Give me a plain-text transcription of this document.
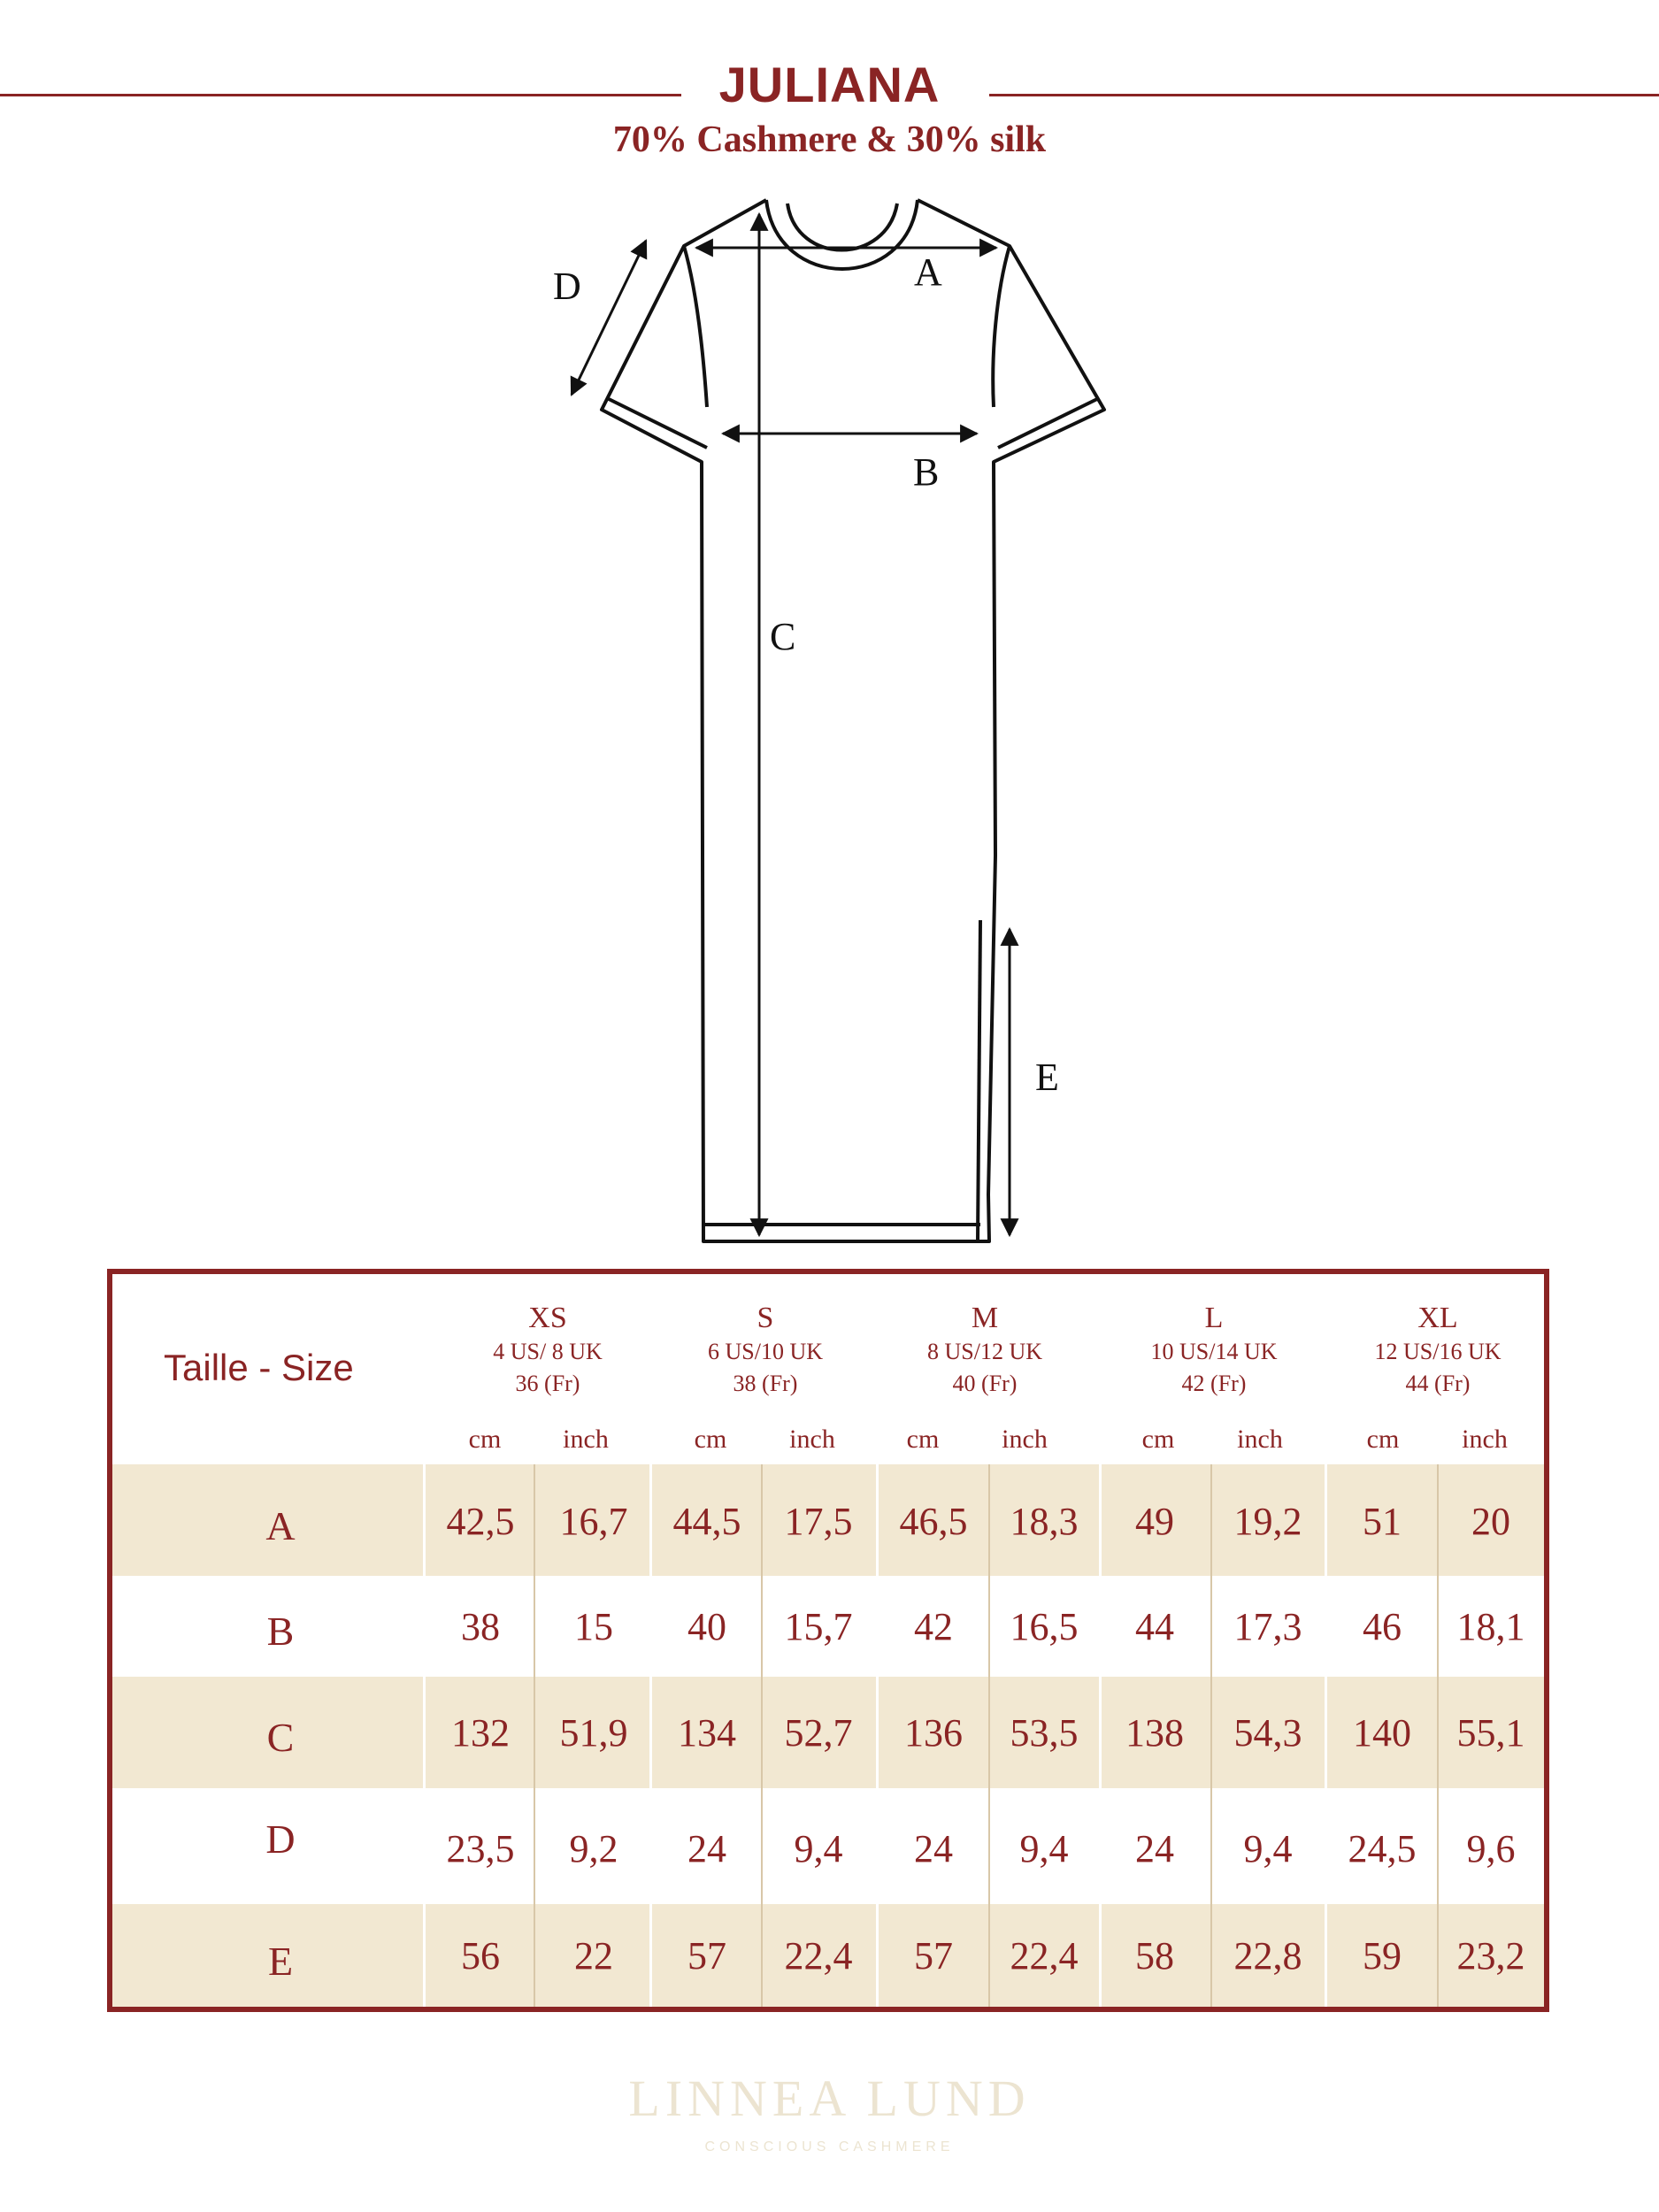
JULIANA
70% Cashmere & 30% silk
A
B
C
D
E
Taille - Size
XS
4 US/ 8 UK
36 (Fr)
S
6 US/10 UK
38 (Fr)
M
8 US/12 UK
40 (Fr)
L
10 US/14 UK
42 (Fr)
XL
12 US/16 UK
44 (Fr)
cm	inch	cm	inch	cm	inch	cm	inch	cm	inch
A	42,5	16,7	44,5	17,5	46,5	18,3	49	19,2	51	20
B	38	15	40	15,7	42	16,5	44	17,3	46	18,1
C	132	51,9	134	52,7	136	53,5	138	54,3	140	55,1
D	23,5	9,2	24	9,4	24	9,4	24	9,4	24,5	9,6
E	56	22	57	22,4	57	22,4	58	22,8	59	23,2
LINNEA LUND
CONSCIOUS CASHMERE
